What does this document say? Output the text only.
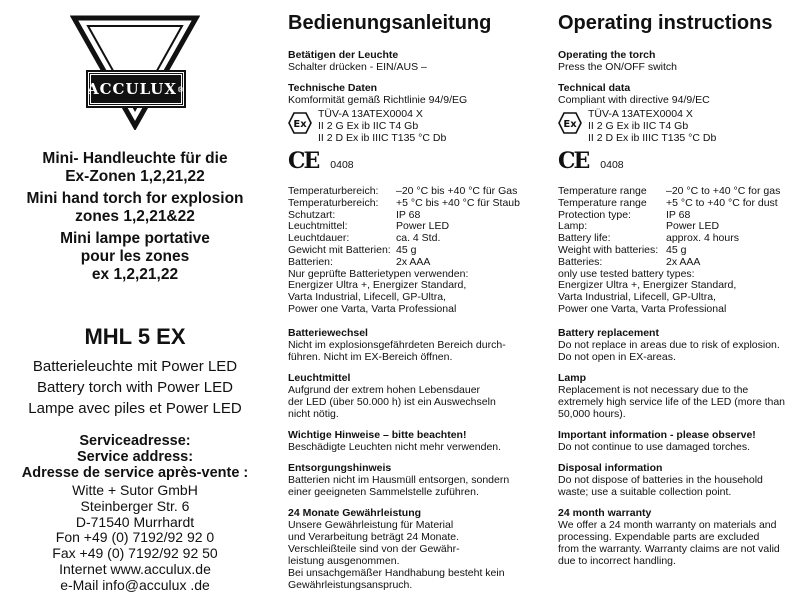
ACCULUX ®
Mini- Handleuchte für die
Ex-Zonen 1,2,21,22
Mini hand torch for explosion
zones 1,2,21&22
Mini lampe portative
pour les zones
ex 1,2,21,22
MHL 5 EX
Batterieleuchte mit Power LED
Battery torch with Power LED
Lampe avec piles et Power LED
Serviceadresse:
Service address:
Adresse de service après-vente :
Witte + Sutor GmbH
Steinberger Str. 6
D-71540 Murrhardt
Fon +49 (0) 7192/92 92 0
Fax +49 (0) 7192/92 92 50
Internet www.acculux.de
e-Mail info@acculux .de
Bedienungsanleitung
Betätigen der Leuchte
Schalter drücken - EIN/AUS –
Technische Daten
Komformität gemäß Richtlinie 94/9/EG
Ex
TÜV-A 13ATEX0004 X
II 2 G Ex ib IIC T4 Gb
II 2 D Ex ib IIIC T135 °C Db
CE 0408
Temperaturbereich:	–20 °C bis +40 °C für Gas
Temperaturbereich:	+5 °C bis +40 °C für Staub
Schutzart:	IP 68
Leuchtmittel:	Power LED
Leuchtdauer:	ca. 4 Std.
Gewicht mit Batterien: 45 g
Batterien:	2x AAA
Nur geprüfte Batterietypen verwenden:
Energizer Ultra +, Energizer Standard,
Varta Industrial, Lifecell, GP-Ultra,
Power one Varta, Varta Professional
Batteriewechsel
Nicht im explosionsgefährdeten Bereich durch-
führen. Nicht im EX-Bereich öffnen.
Leuchtmittel
Aufgrund der extrem hohen Lebensdauer
der LED (über 50.000 h) ist ein Auswechseln
nicht nötig.
Wichtige Hinweise – bitte beachten!
Beschädigte Leuchten nicht mehr verwenden.
Entsorgungshinweis
Batterien nicht im Hausmüll entsorgen, sondern
einer geeigneten Sammelstelle zuführen.
24 Monate Gewährleistung
Unsere Gewährleistung für Material
und Verarbeitung beträgt 24 Monate.
Verschleißteile sind von der Gewähr-
leistung ausgenommen.
Bei unsachgemäßer Handhabung besteht kein
Gewährleistungsanspruch.
Operating instructions
Operating the torch
Press the ON/OFF switch
Technical data
Compliant with directive 94/9/EC
Ex
TÜV-A 13ATEX0004 X
II 2 G Ex ib IIC T4 Gb
II 2 D Ex ib IIIC T135 °C Db
CE 0408
Temperature range	–20 °C to +40 °C for gas
Temperature range	+5 °C to +40 °C for dust
Protection type:	IP 68
Lamp:	Power LED
Battery life:	approx. 4 hours
Weight with batteries: 45 g
Batteries:	2x AAA
only use tested battery types:
Energizer Ultra +, Energizer Standard,
Varta Industrial, Lifecell, GP-Ultra,
Power one Varta, Varta Professional
Battery replacement
Do not replace in areas due to risk of explosion.
Do not open in EX-areas.
Lamp
Replacement is not necessary due to the
extremely high service life of the LED (more than
50,000 hours).
Important information - please observe!
Do not continue to use damaged torches.
Disposal information
Do not dispose of batteries in the household
waste; use a suitable collection point.
24 month warranty
We offer a 24 month warranty on materials and
processing. Expendable parts are excluded
from the warranty. Warranty claims are not valid
due to incorrect handling.
